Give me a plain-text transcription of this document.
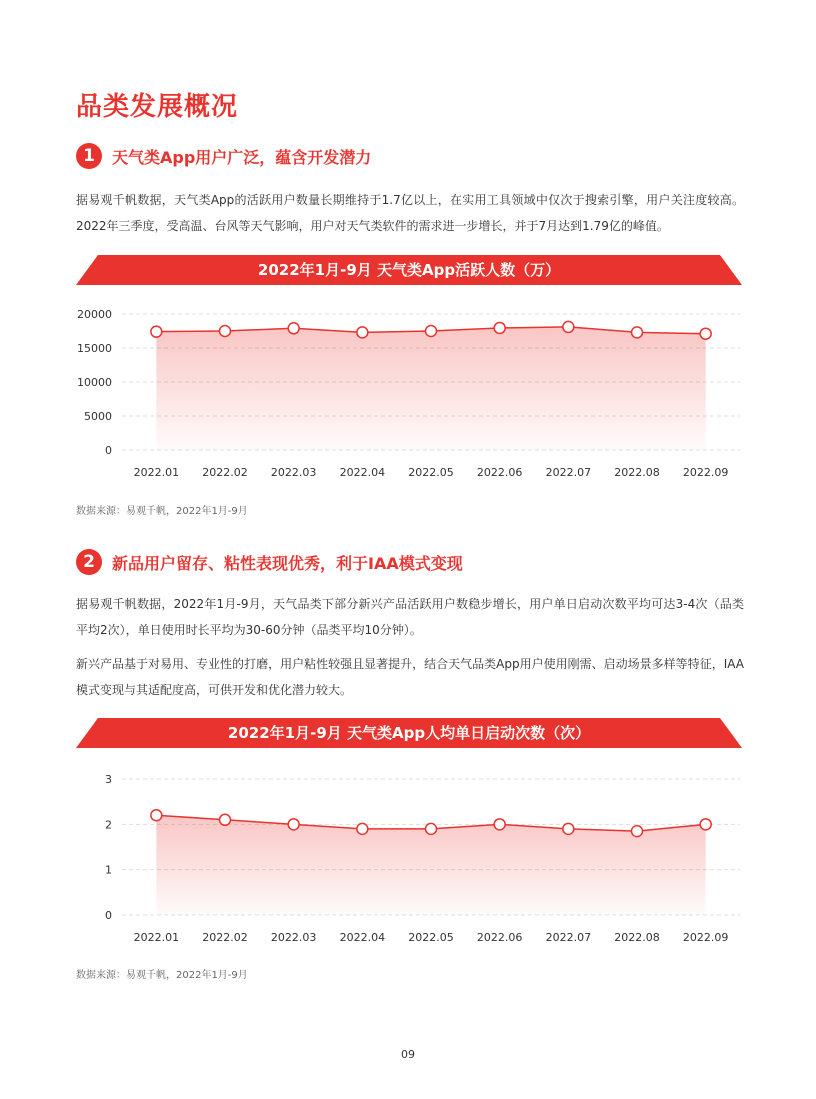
品类发展概况
1	天气类App用户广泛，蕴含开发潜力
据易观千帆数据，天气类App的活跃用户数量长期维持于1.7亿以上，在实用工具领域中仅次于搜索引擎，用户关注度较高。2022年三季度，受高温、台风等天气影响，用户对天气类软件的需求进一步增长，并于7月达到1.79亿的峰值。
2022年1月-9月 天气类App活跃人数（万）
0
5000
10000
15000
20000
2022.01 2022.02 2022.03 2022.04 2022.05 2022.06 2022.07 2022.08 2022.09
数据来源：易观千帆，2022年1月-9月
2	新品用户留存、粘性表现优秀，利于IAA模式变现
据易观千帆数据，2022年1月-9月，天气品类下部分新兴产品活跃用户数稳步增长，用户单日启动次数平均可达3-4次（品类平均2次），单日使用时长平均为30-60分钟（品类平均10分钟）。
新兴产品基于对易用、专业性的打磨，用户粘性较强且显著提升，结合天气品类App用户使用刚需、启动场景多样等特征，IAA模式变现与其适配度高，可供开发和优化潜力较大。
2022年1月-9月 天气类App人均单日启动次数（次）
0
1
2
3
2022.01 2022.02 2022.03 2022.04 2022.05 2022.06 2022.07 2022.08 2022.09
数据来源：易观千帆，2022年1月-9月
09
